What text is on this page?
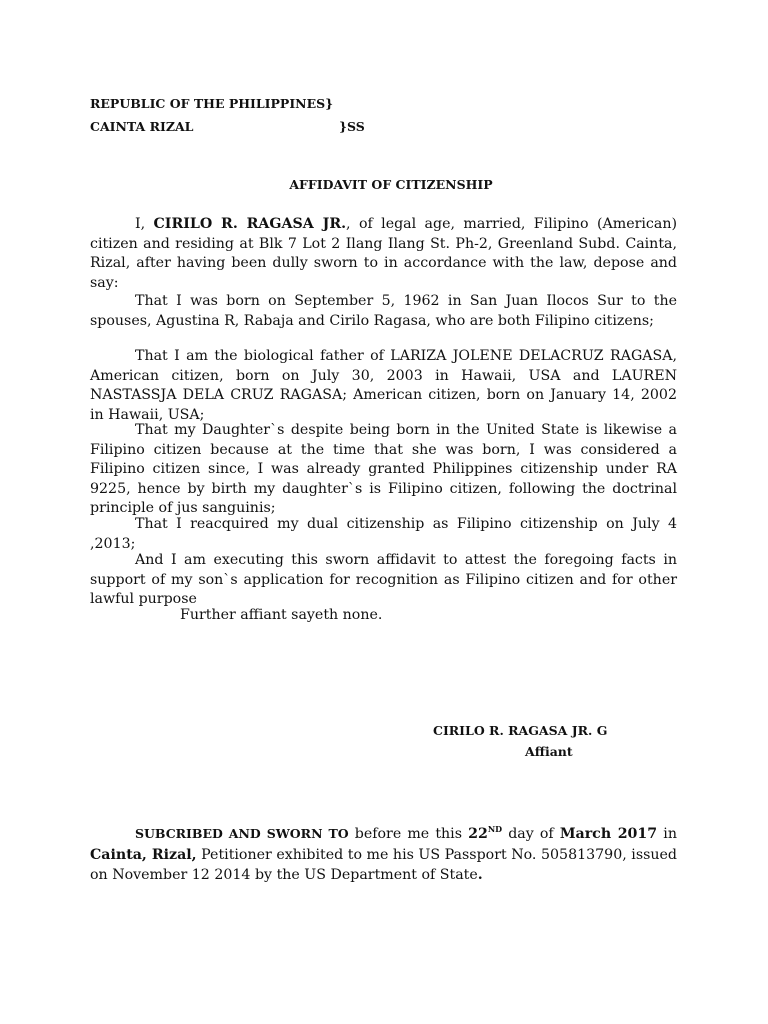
REPUBLIC OF THE PHILIPPINES}
CAINTA RIZAL	}SS
AFFIDAVIT OF CITIZENSHIP
I, CIRILO R. RAGASA JR., of legal age, married, Filipino (American) citizen and residing at Blk 7 Lot 2 Ilang Ilang St. Ph-2, Greenland Subd. Cainta, Rizal, after having been dully sworn to in accordance with the law, depose and say:
That I was born on September 5, 1962 in San Juan Ilocos Sur to the spouses, Agustina R, Rabaja and Cirilo Ragasa, who are both Filipino citizens;
That I am the biological father of LARIZA JOLENE DELACRUZ RAGASA, American citizen, born on July 30, 2003 in Hawaii, USA and LAUREN NASTASSJA DELA CRUZ RAGASA; American citizen, born on January 14, 2002 in Hawaii, USA;
That my Daughter`s despite being born in the United State is likewise a Filipino citizen because at the time that she was born, I was considered a Filipino citizen since, I was already granted Philippines citizenship under RA 9225, hence by birth my daughter`s is Filipino citizen, following the doctrinal principle of jus sanguinis;
That I reacquired my dual citizenship as Filipino citizenship on July 4 ,2013;
And I am executing this sworn affidavit to attest the foregoing facts in support of my son`s application for recognition as Filipino citizen and for other lawful purpose
Further affiant sayeth none.
CIRILO R. RAGASA JR. G
Affiant
SUBCRIBED AND SWORN TO before me this 22ND day of March 2017 in Cainta, Rizal, Petitioner exhibited to me his US Passport No. 505813790, issued on November 12 2014 by the US Department of State.
